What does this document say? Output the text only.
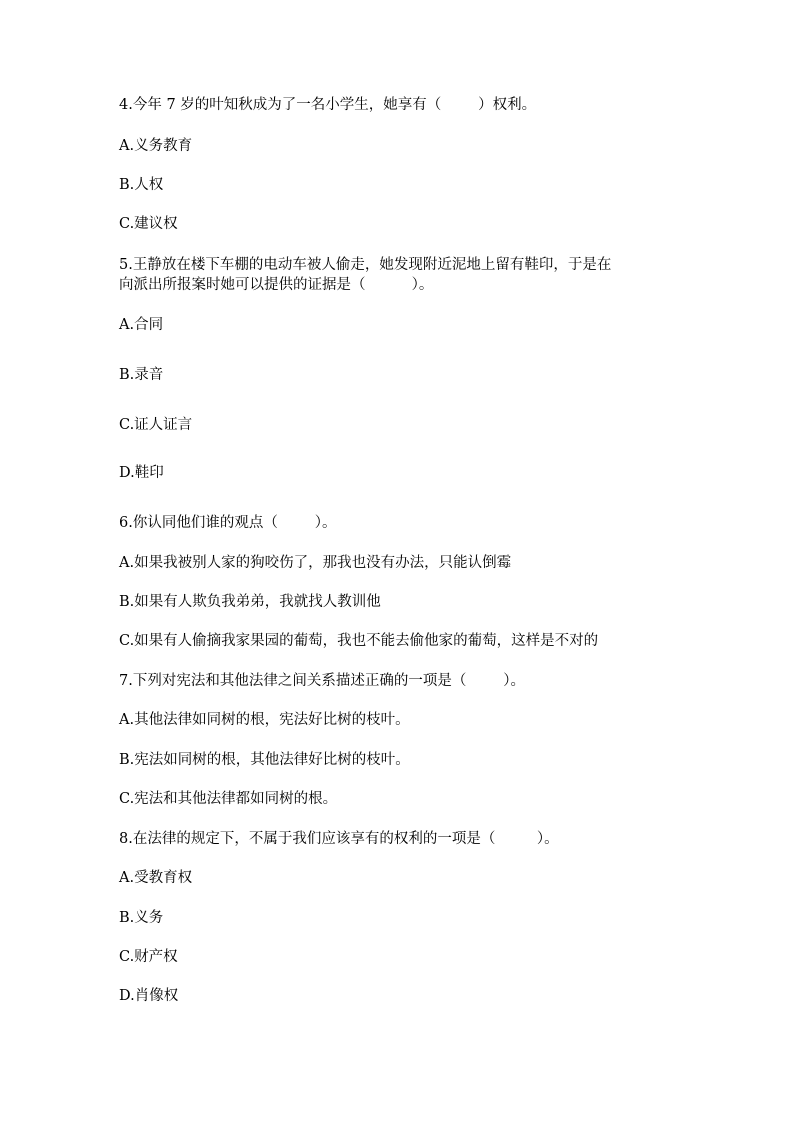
4.今年 7 岁的叶知秋成为了一名小学生，她享有（        ）权利。
A.义务教育
B.人权
C.建议权
5.王静放在楼下车棚的电动车被人偷走，她发现附近泥地上留有鞋印，于是在
向派出所报案时她可以提供的证据是（          ）。
A.合同
B.录音
C.证人证言
D.鞋印
6.你认同他们谁的观点（        ）。
A.如果我被别人家的狗咬伤了，那我也没有办法，只能认倒霉
B.如果有人欺负我弟弟，我就找人教训他
C.如果有人偷摘我家果园的葡萄，我也不能去偷他家的葡萄，这样是不对的
7.下列对宪法和其他法律之间关系描述正确的一项是（        ）。
A.其他法律如同树的根，宪法好比树的枝叶。
B.宪法如同树的根，其他法律好比树的枝叶。
C.宪法和其他法律都如同树的根。
8.在法律的规定下，不属于我们应该享有的权利的一项是（         ）。
A.受教育权
B.义务
C.财产权
D.肖像权
